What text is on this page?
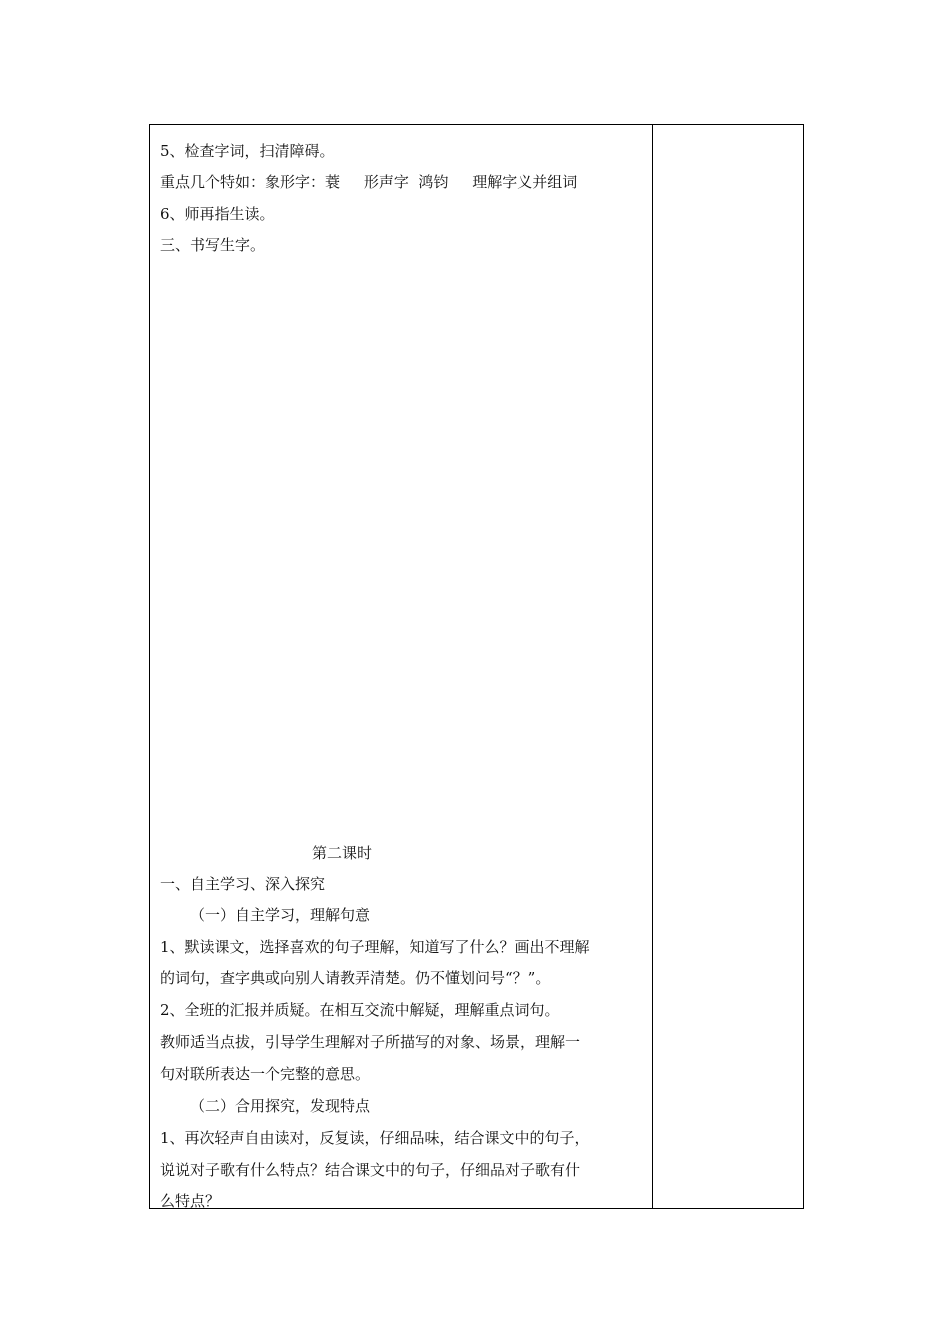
5、检查字词，扫清障碍。
重点几个特如：象形字：蓑     形声字  鸿钧     理解字义并组词
6、师再指生读。
三、书写生字。
第二课时
一、自主学习、深入探究
（一）自主学习，理解句意
1、默读课文，选择喜欢的句子理解，知道写了什么？画出不理解
的词句，查字典或向别人请教弄清楚。仍不懂划问号“？”。
2、全班的汇报并质疑。在相互交流中解疑，理解重点词句。
教师适当点拔，引导学生理解对子所描写的对象、场景，理解一
句对联所表达一个完整的意思。
（二）合用探究，发现特点
1、再次轻声自由读对，反复读，仔细品味，结合课文中的句子，
说说对子歌有什么特点？结合课文中的句子，仔细品对子歌有什
么特点？
